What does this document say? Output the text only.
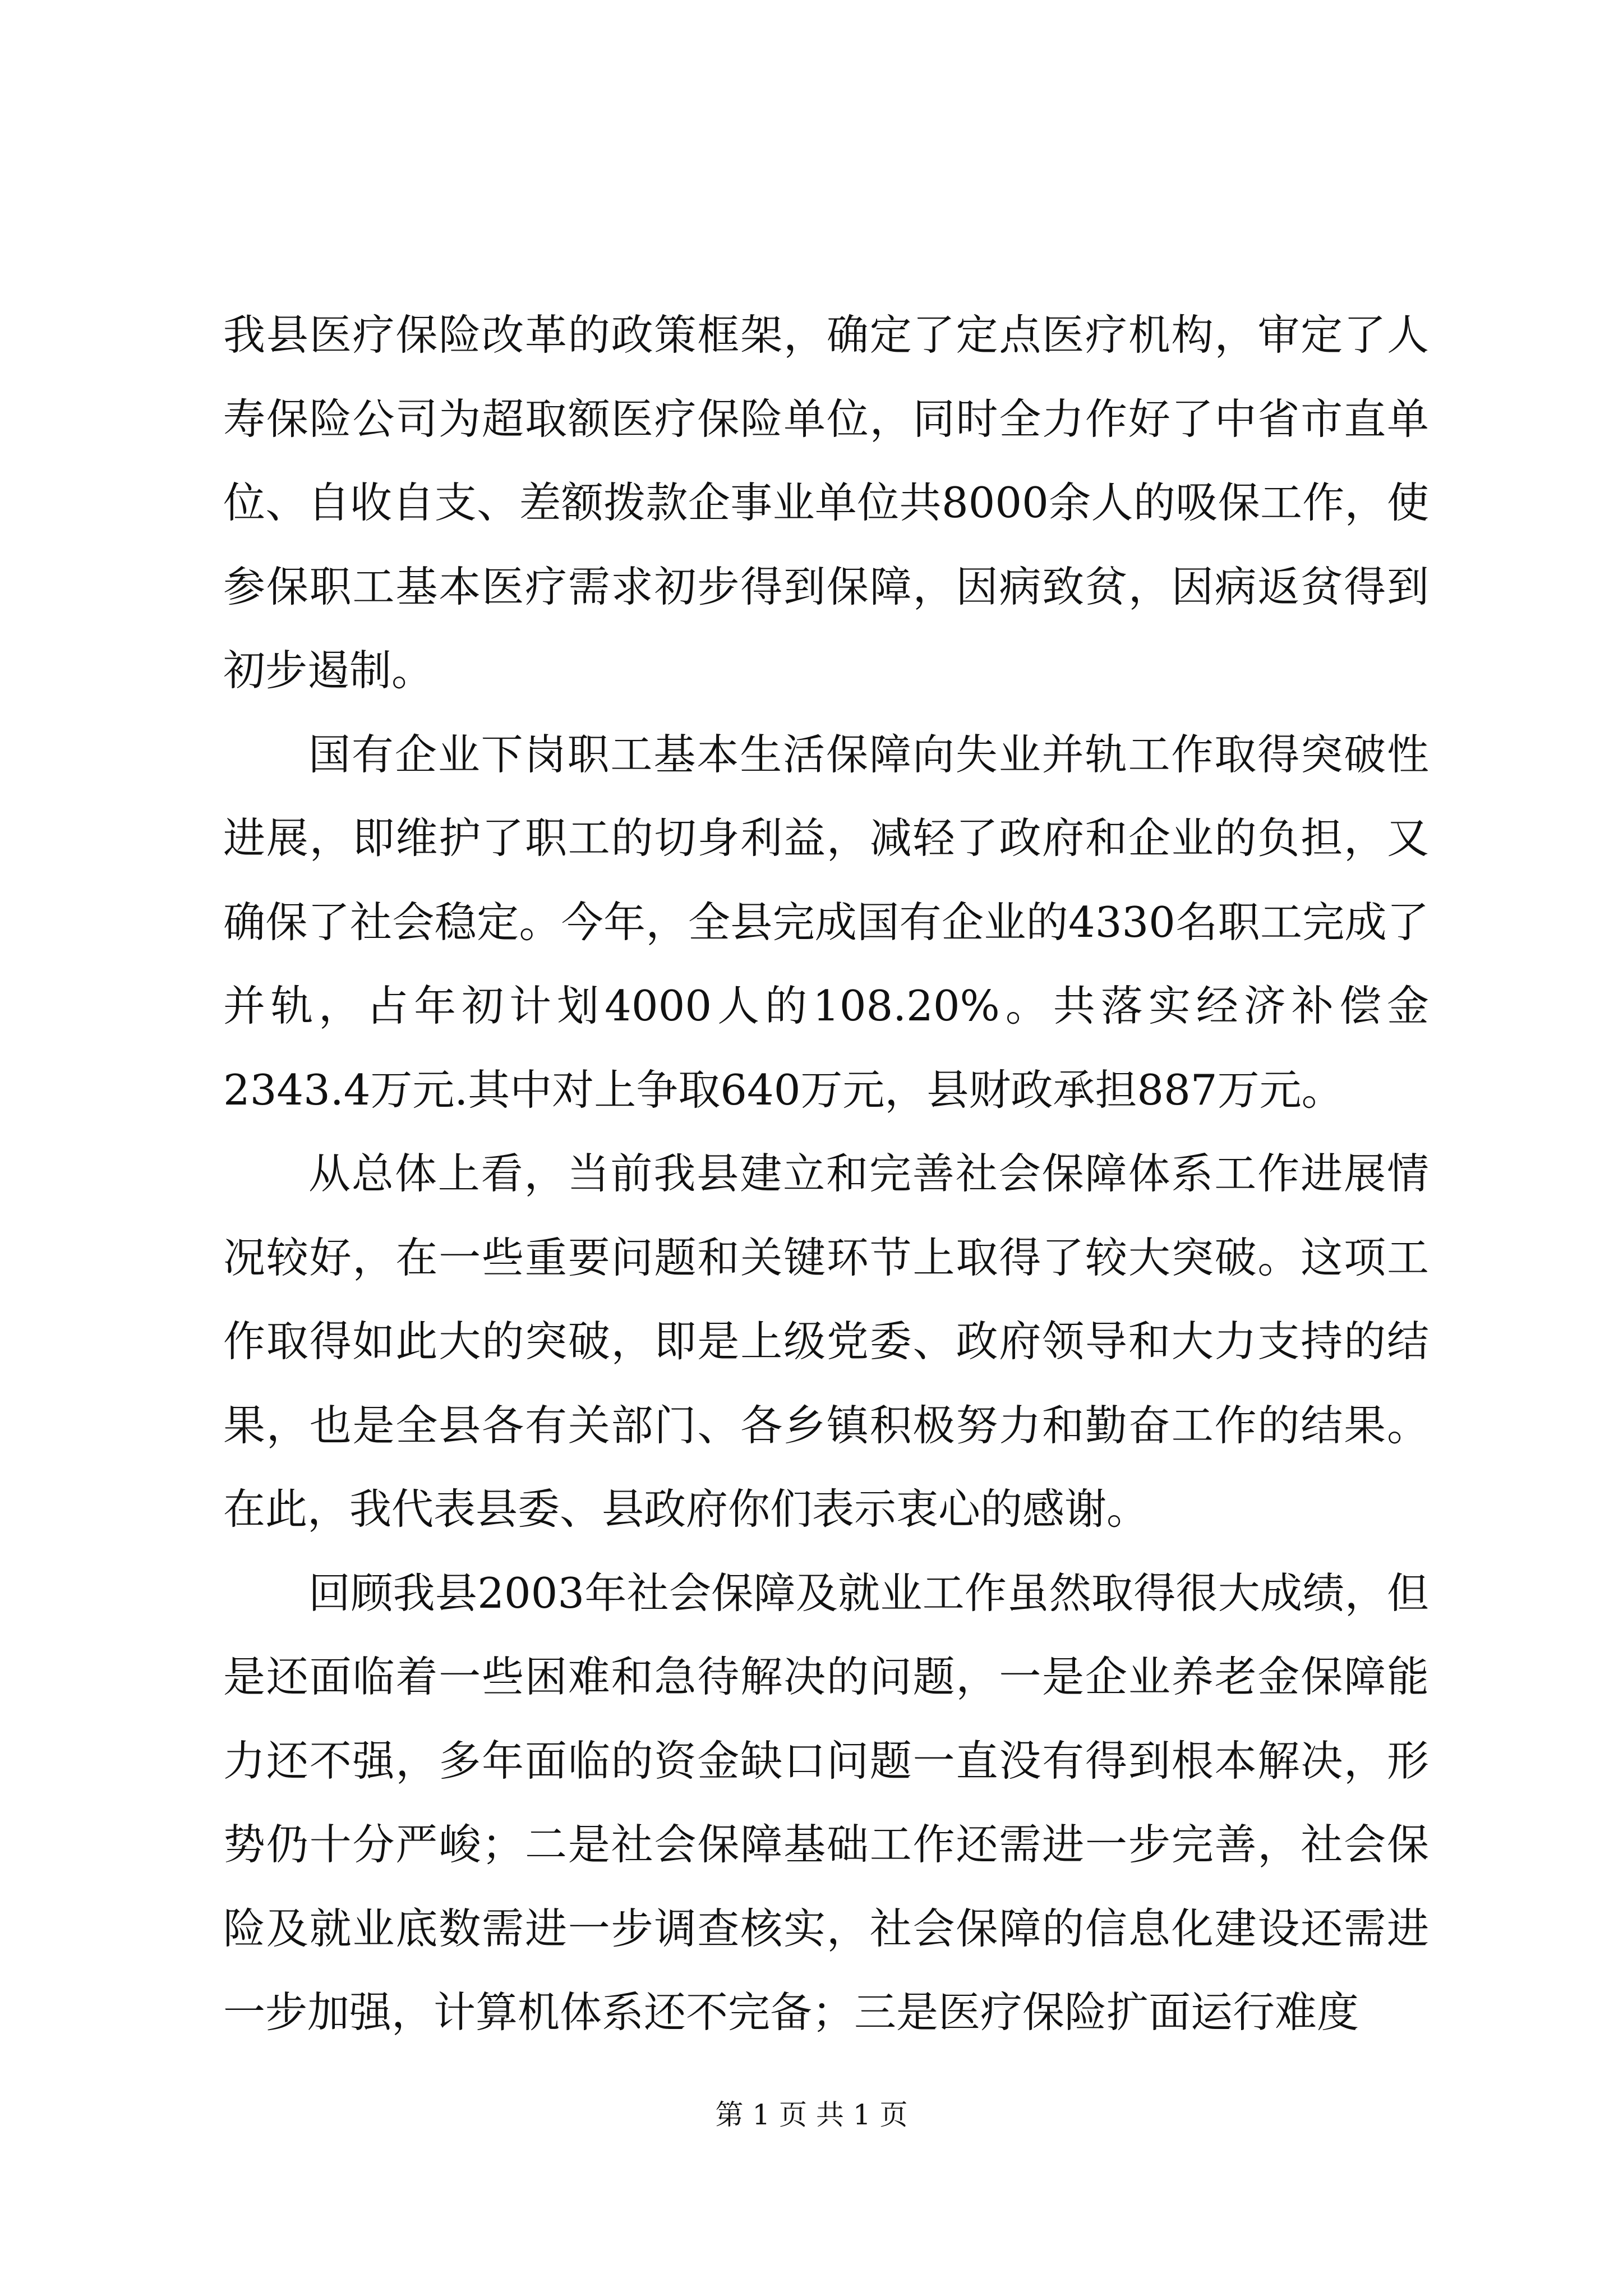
我县医疗保险改革的政策框架，确定了定点医疗机构，审定了人寿保险公司为超取额医疗保险单位，同时全力作好了中省市直单位、自收自支、差额拨款企事业单位共8000余人的吸保工作，使参保职工基本医疗需求初步得到保障，因病致贫，因病返贫得到初步遏制。

国有企业下岗职工基本生活保障向失业并轨工作取得突破性进展，即维护了职工的切身利益，减轻了政府和企业的负担，又确保了社会稳定。今年，全县完成国有企业的4330名职工完成了并轨，占年初计划4000人的108.20%。共落实经济补偿金2343.4万元.其中对上争取640万元，县财政承担887万元。

从总体上看，当前我县建立和完善社会保障体系工作进展情况较好，在一些重要问题和关键环节上取得了较大突破。这项工作取得如此大的突破，即是上级党委、政府领导和大力支持的结果，也是全县各有关部门、各乡镇积极努力和勤奋工作的结果。在此，我代表县委、县政府你们表示衷心的感谢。

回顾我县2003年社会保障及就业工作虽然取得很大成绩，但是还面临着一些困难和急待解决的问题，一是企业养老金保障能力还不强，多年面临的资金缺口问题一直没有得到根本解决，形势仍十分严峻；二是社会保障基础工作还需进一步完善，社会保险及就业底数需进一步调查核实，社会保障的信息化建设还需进一步加强，计算机体系还不完备；三是医疗保险扩面运行难度

第 1 页 共 1 页
